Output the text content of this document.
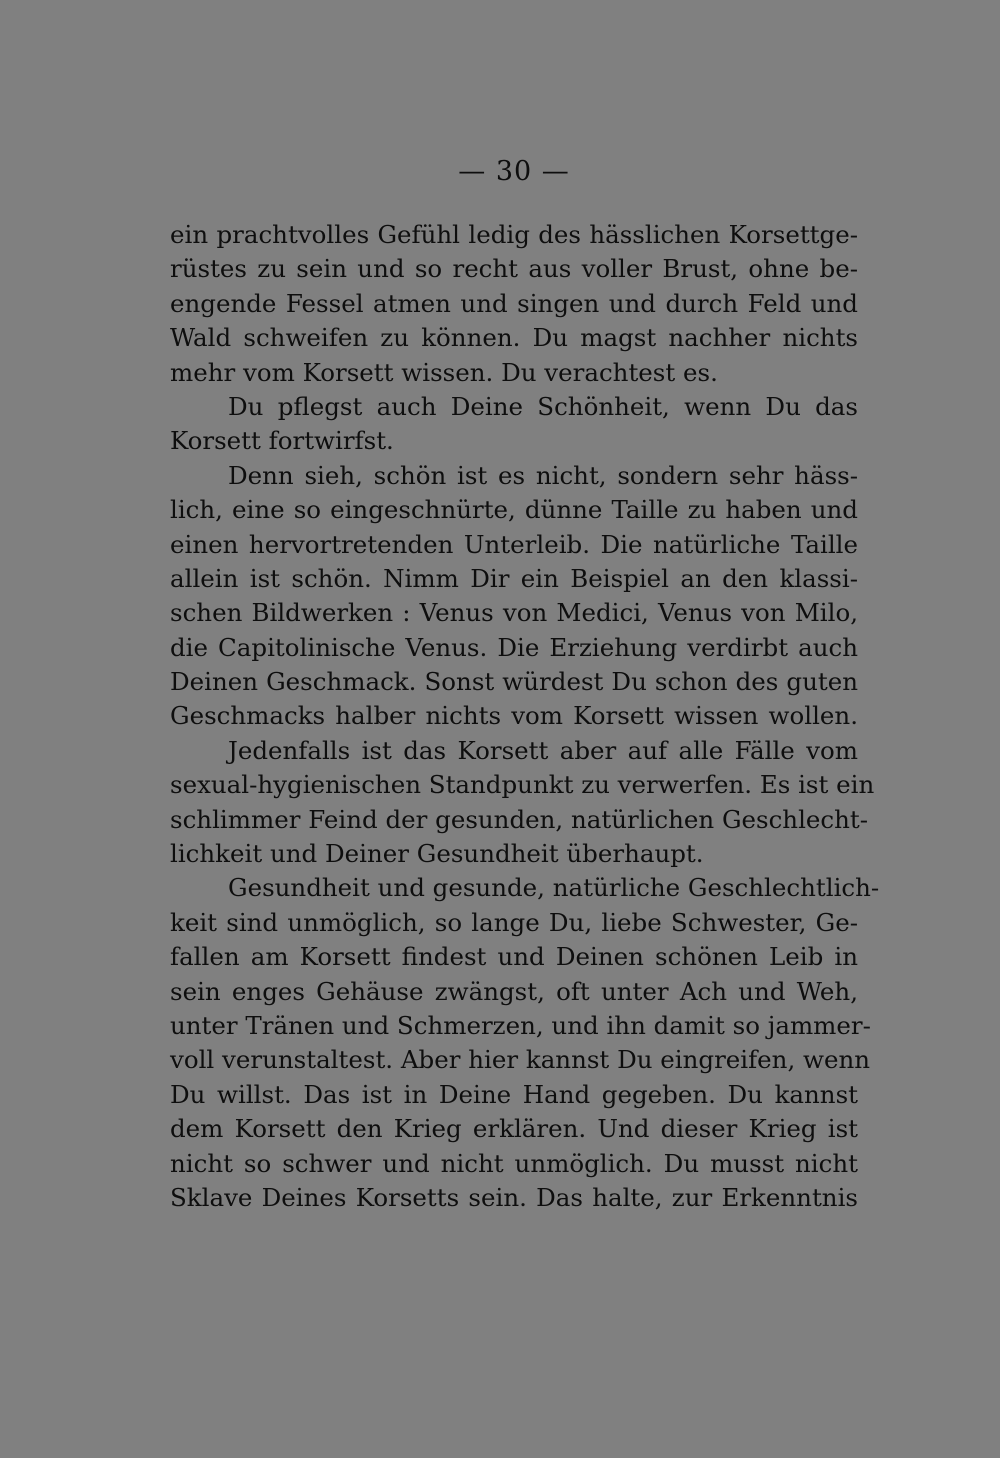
— 30 —
ein prachtvolles Gefühl ledig des hässlichen Korsettge-
rüstes zu sein und so recht aus voller Brust, ohne be-
engende Fessel atmen und singen und durch Feld und
Wald schweifen zu können. Du magst nachher nichts
mehr vom Korsett wissen. Du verachtest es.
Du pflegst auch Deine Schönheit, wenn Du das
Korsett fortwirfst.
Denn sieh, schön ist es nicht, sondern sehr häss-
lich, eine so eingeschnürte, dünne Taille zu haben und
einen hervortretenden Unterleib. Die natürliche Taille
allein ist schön. Nimm Dir ein Beispiel an den klassi-
schen Bildwerken : Venus von Medici, Venus von Milo,
die Capitolinische Venus. Die Erziehung verdirbt auch
Deinen Geschmack. Sonst würdest Du schon des guten
Geschmacks halber nichts vom Korsett wissen wollen.
Jedenfalls ist das Korsett aber auf alle Fälle vom
sexual-hygienischen Standpunkt zu verwerfen. Es ist ein
schlimmer Feind der gesunden, natürlichen Geschlecht-
lichkeit und Deiner Gesundheit überhaupt.
Gesundheit und gesunde, natürliche Geschlechtlich-
keit sind unmöglich, so lange Du, liebe Schwester, Ge-
fallen am Korsett findest und Deinen schönen Leib in
sein enges Gehäuse zwängst, oft unter Ach und Weh,
unter Tränen und Schmerzen, und ihn damit so jammer-
voll verunstaltest. Aber hier kannst Du eingreifen, wenn
Du willst. Das ist in Deine Hand gegeben. Du kannst
dem Korsett den Krieg erklären. Und dieser Krieg ist
nicht so schwer und nicht unmöglich. Du musst nicht
Sklave Deines Korsetts sein. Das halte, zur Erkenntnis
